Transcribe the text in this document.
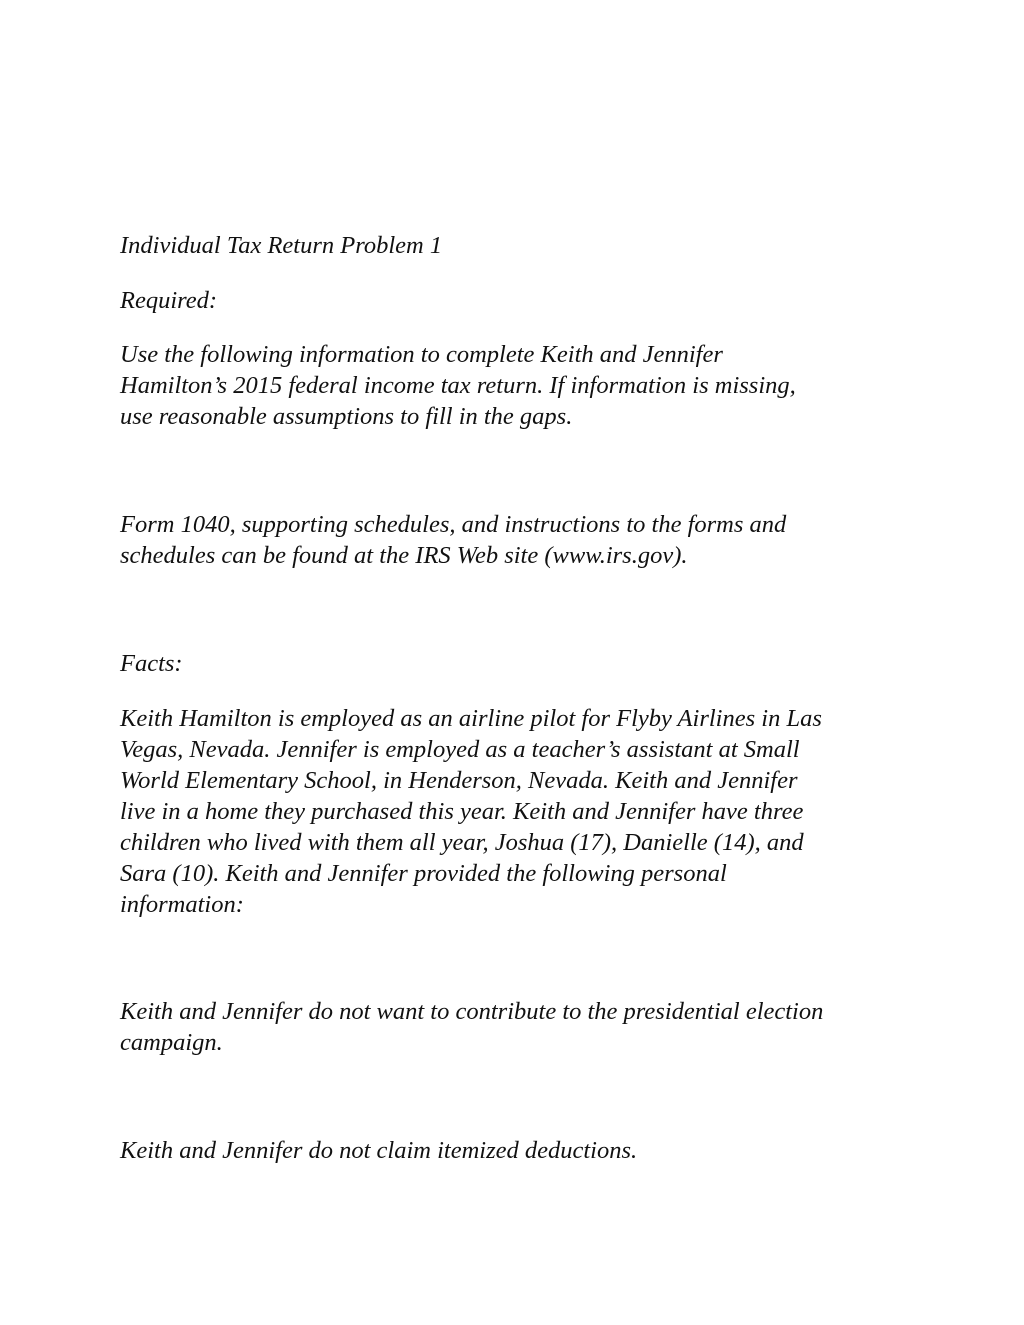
Individual Tax Return Problem 1

Required:

Use the following information to complete Keith and Jennifer

Hamilton’s 2015 federal income tax return. If information is missing,

use reasonable assumptions to fill in the gaps.

Form 1040, supporting schedules, and instructions to the forms and

schedules can be found at the IRS Web site (www.irs.gov).

Facts:

Keith Hamilton is employed as an airline pilot for Flyby Airlines in Las

Vegas, Nevada. Jennifer is employed as a teacher’s assistant at Small

World Elementary School, in Henderson, Nevada. Keith and Jennifer

live in a home they purchased this year. Keith and Jennifer have three

children who lived with them all year, Joshua (17), Danielle (14), and

Sara (10). Keith and Jennifer provided the following personal

information:

Keith and Jennifer do not want to contribute to the presidential election

campaign.

Keith and Jennifer do not claim itemized deductions.
